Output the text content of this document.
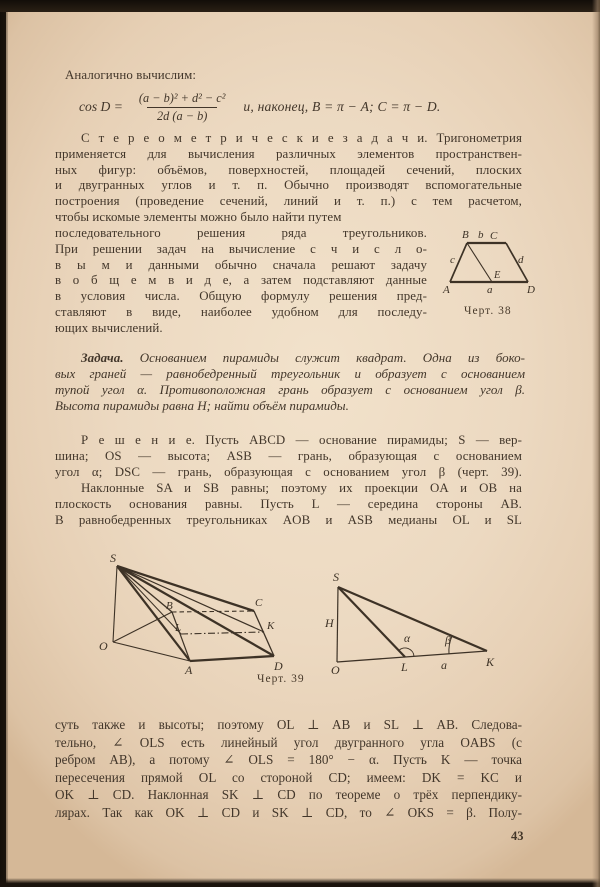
Аналогично вычислим:
$\cos D = \frac{\text{(a − b)² + d² − c²}}{2d (a - b)} и$, наконец, B = π − A; C = π − D.
С т е р е о м е т р и ч е с к и е з а д а ч и. Тригонометрия
применяется для вычисления различных элементов пространствен-
ных фигур: объёмов, поверхностей, площадей сечений, плоских
и двугранных углов и т. п. Обычно производят вспомогательные
построения (проведение сечений, линий и т. п.) с тем расчетом,
чтобы искомые элементы можно было найти путем
последовательного решения ряда треугольников.
При решении задач на вычисление с ч и с л о-
в ы м и данными обычно сначала решают задачу
в о б щ е м в и д е, а затем подставляют данные
в условия числа. Общую формулу решения пред-
ставляют в виде, наиболее удобном для последу-
ющих вычислений.
Черт. 38
Задача. Основанием пирамиды служит квадрат. Одна из боко-
вых граней — равнобедренный треугольник и образует с основанием
тупой угол α. Противоположная грань образует с основанием угол β.
Высота пирамиды равна H; найти объём пирамиды.
Р е ш е н и е. Пусть ABCD — основание пирамиды; S — вер-
шина; OS — высота; ASB — грань, образующая с основанием
угол α; DSC — грань, образующая с основанием угол β (черт. 39).
Наклонные SA и SB равны; поэтому их проекции OA и OB на
плоскость основания равны. Пусть L — середина стороны AB.
В равнобедренных треугольниках AOB и ASB медианы OL и SL
Черт. 39
суть также и высоты; поэтому OL ⊥ AB и SL ⊥ AB. Следова-
тельно, ∠ OLS есть линейный угол двугранного угла OABS (с
ребром AB), а потому ∠ OLS = 180° − α. Пусть K — точка
пересечения прямой OL со стороной CD; имеем: DK = KC и
OK ⊥ CD. Наклонная SK ⊥ CD по теореме о трёх перпендику-
лярах. Так как OK ⊥ CD и SK ⊥ CD, то ∠ OKS = β. Полу-
43
